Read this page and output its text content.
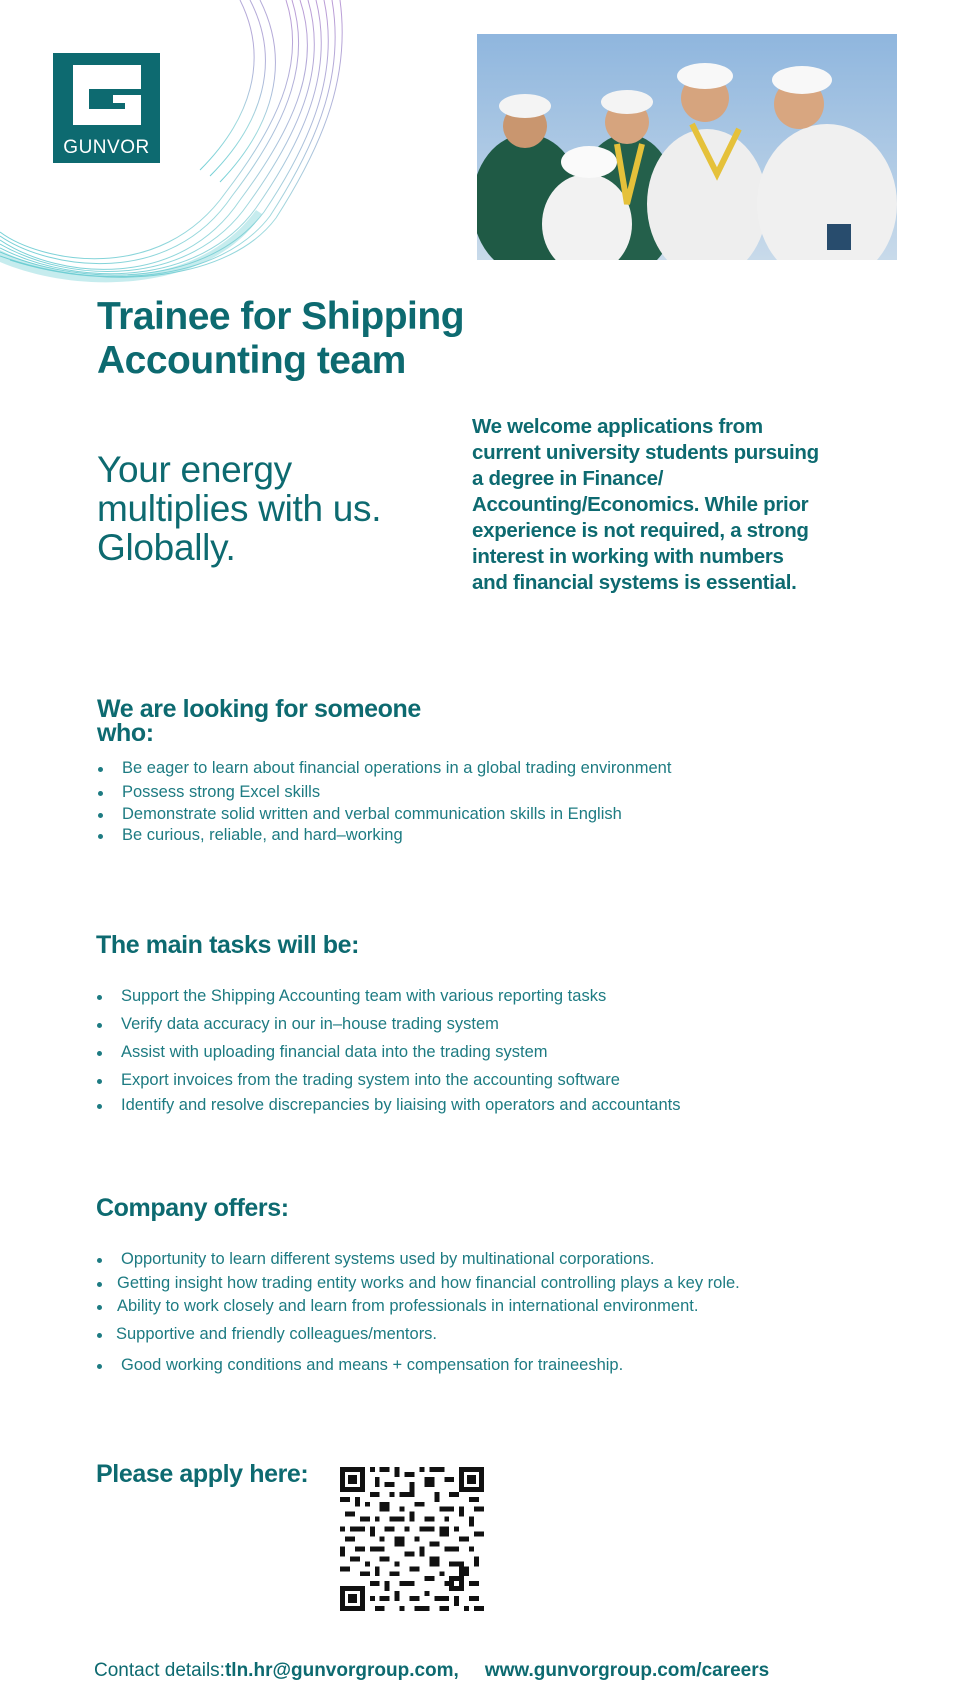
GUNVOR
Trainee for Shipping
Accounting team
Your energy
multiplies with us.
Globally.
We welcome applications from current university students pursuing a degree in Finance/ Accounting/Economics. While prior experience is not required, a strong interest in working with numbers and financial systems is essential.
We are looking for someone
who:
Be eager to learn about financial operations in a global trading environment
Possess strong Excel skills
Demonstrate solid written and verbal communication skills in English
Be curious, reliable, and hard–working
The main tasks will be:
Support the Shipping Accounting team with various reporting tasks
Verify data accuracy in our in–house trading system
Assist with uploading financial data into the trading system
Export invoices from the trading system into the accounting software
Identify and resolve discrepancies by liaising with operators and accountants
Company offers:
Opportunity to learn different systems used by multinational corporations.
Getting insight how trading entity works and how financial controlling plays a key role.
Ability to work closely and learn from professionals in international environment.
Supportive and friendly colleagues/mentors.
Good working conditions and means + compensation for traineeship.
Please apply here:
Contact details:tln.hr@gunvorgroup.com, www.gunvorgroup.com/careers
